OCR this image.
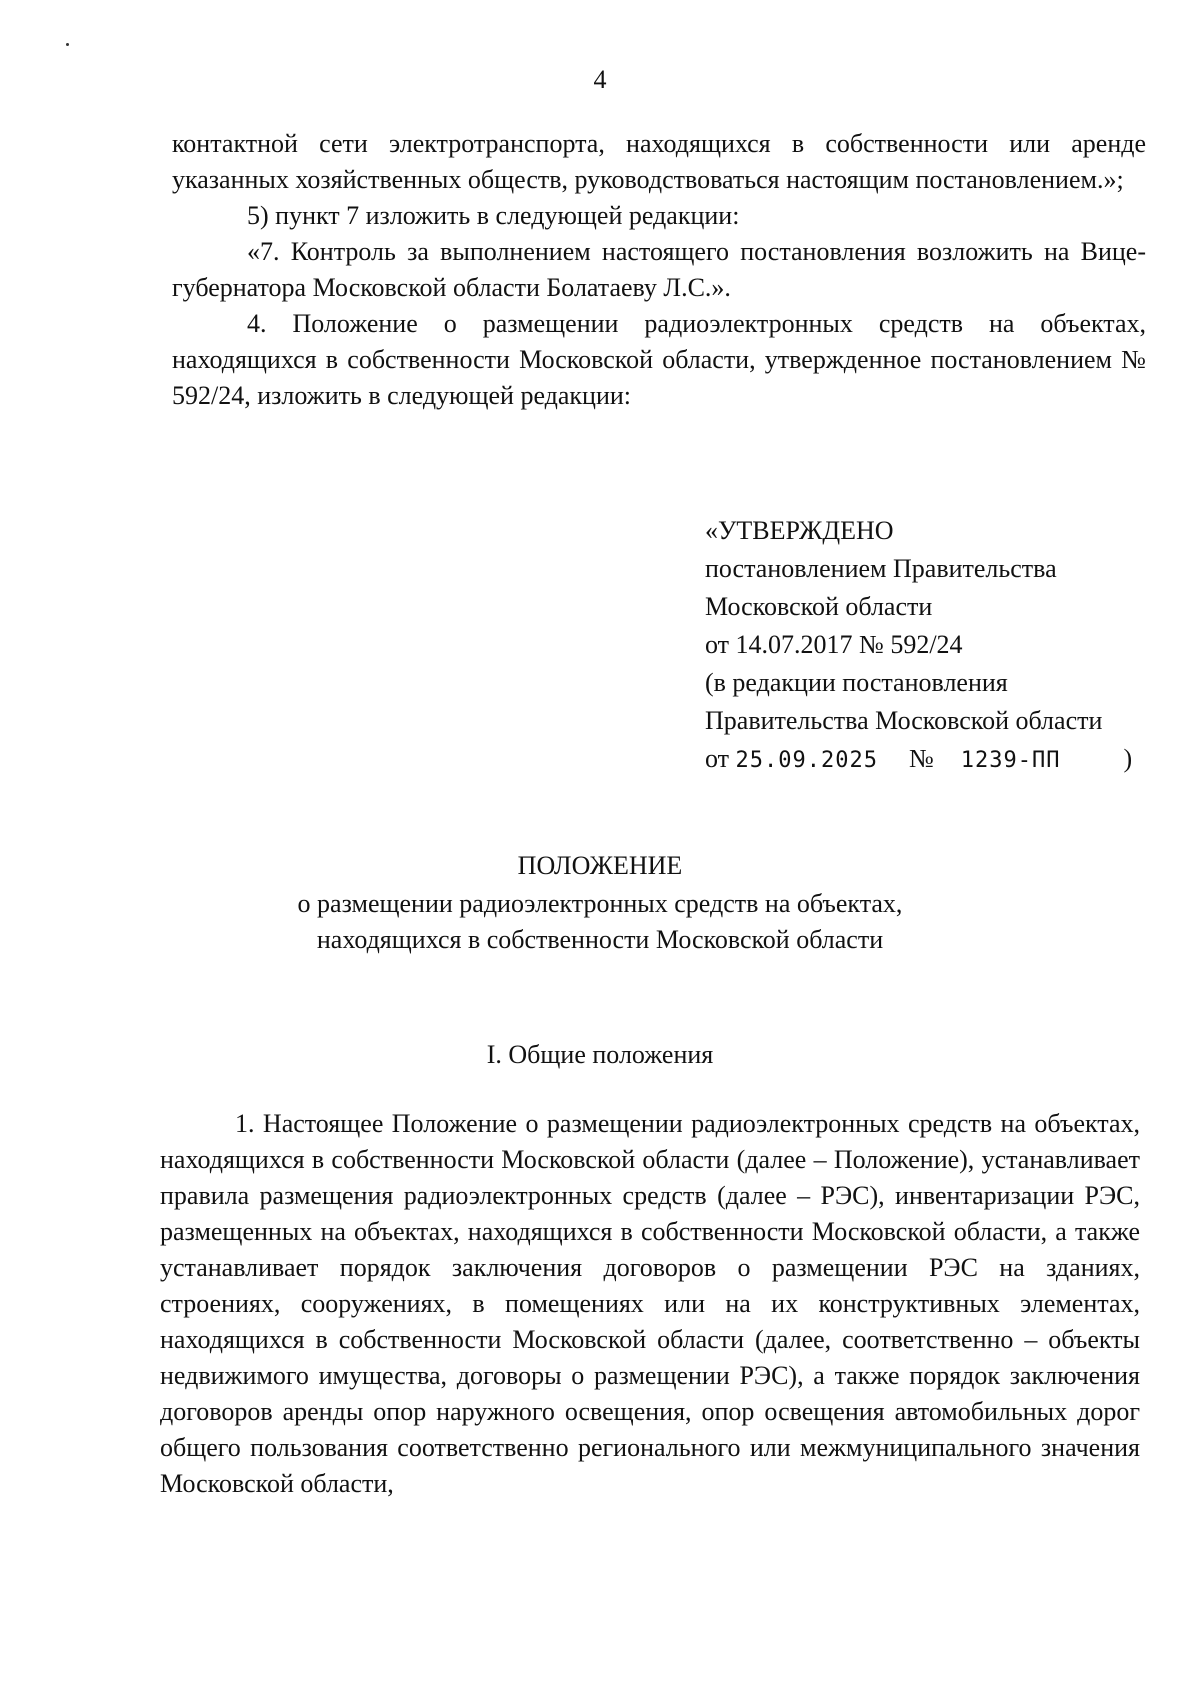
4

контактной сети электротранспорта, находящихся в собственности или аренде указанных хозяйственных обществ, руководствоваться настоящим постановлением.»;

5) пункт 7 изложить в следующей редакции:

«7. Контроль за выполнением настоящего постановления возложить на Вице-губернатора Московской области Болатаеву Л.С.».

4. Положение о размещении радиоэлектронных средств на объектах, находящихся в собственности Московской области, утвержденное постановлением № 592/24, изложить в следующей редакции:

«УТВЕРЖДЕНО
постановлением Правительства
Московской области
от 14.07.2017 № 592/24
(в редакции постановления
Правительства Московской области
от 25.09.2025 № 1239-ПП )
ПОЛОЖЕНИЕ
о размещении радиоэлектронных средств на объектах,
находящихся в собственности Московской области
I. Общие положения

1. Настоящее Положение о размещении радиоэлектронных средств на объектах, находящихся в собственности Московской области (далее – Положение), устанавливает правила размещения радиоэлектронных средств (далее – РЭС), инвентаризации РЭС, размещенных на объектах, находящихся в собственности Московской области, а также устанавливает порядок заключения договоров о размещении РЭС на зданиях, строениях, сооружениях, в помещениях или на их конструктивных элементах, находящихся в собственности Московской области (далее, соответственно – объекты недвижимого имущества, договоры о размещении РЭС), а также порядок заключения договоров аренды опор наружного освещения, опор освещения автомобильных дорог общего пользования соответственно регионального или межмуниципального значения Московской области,
